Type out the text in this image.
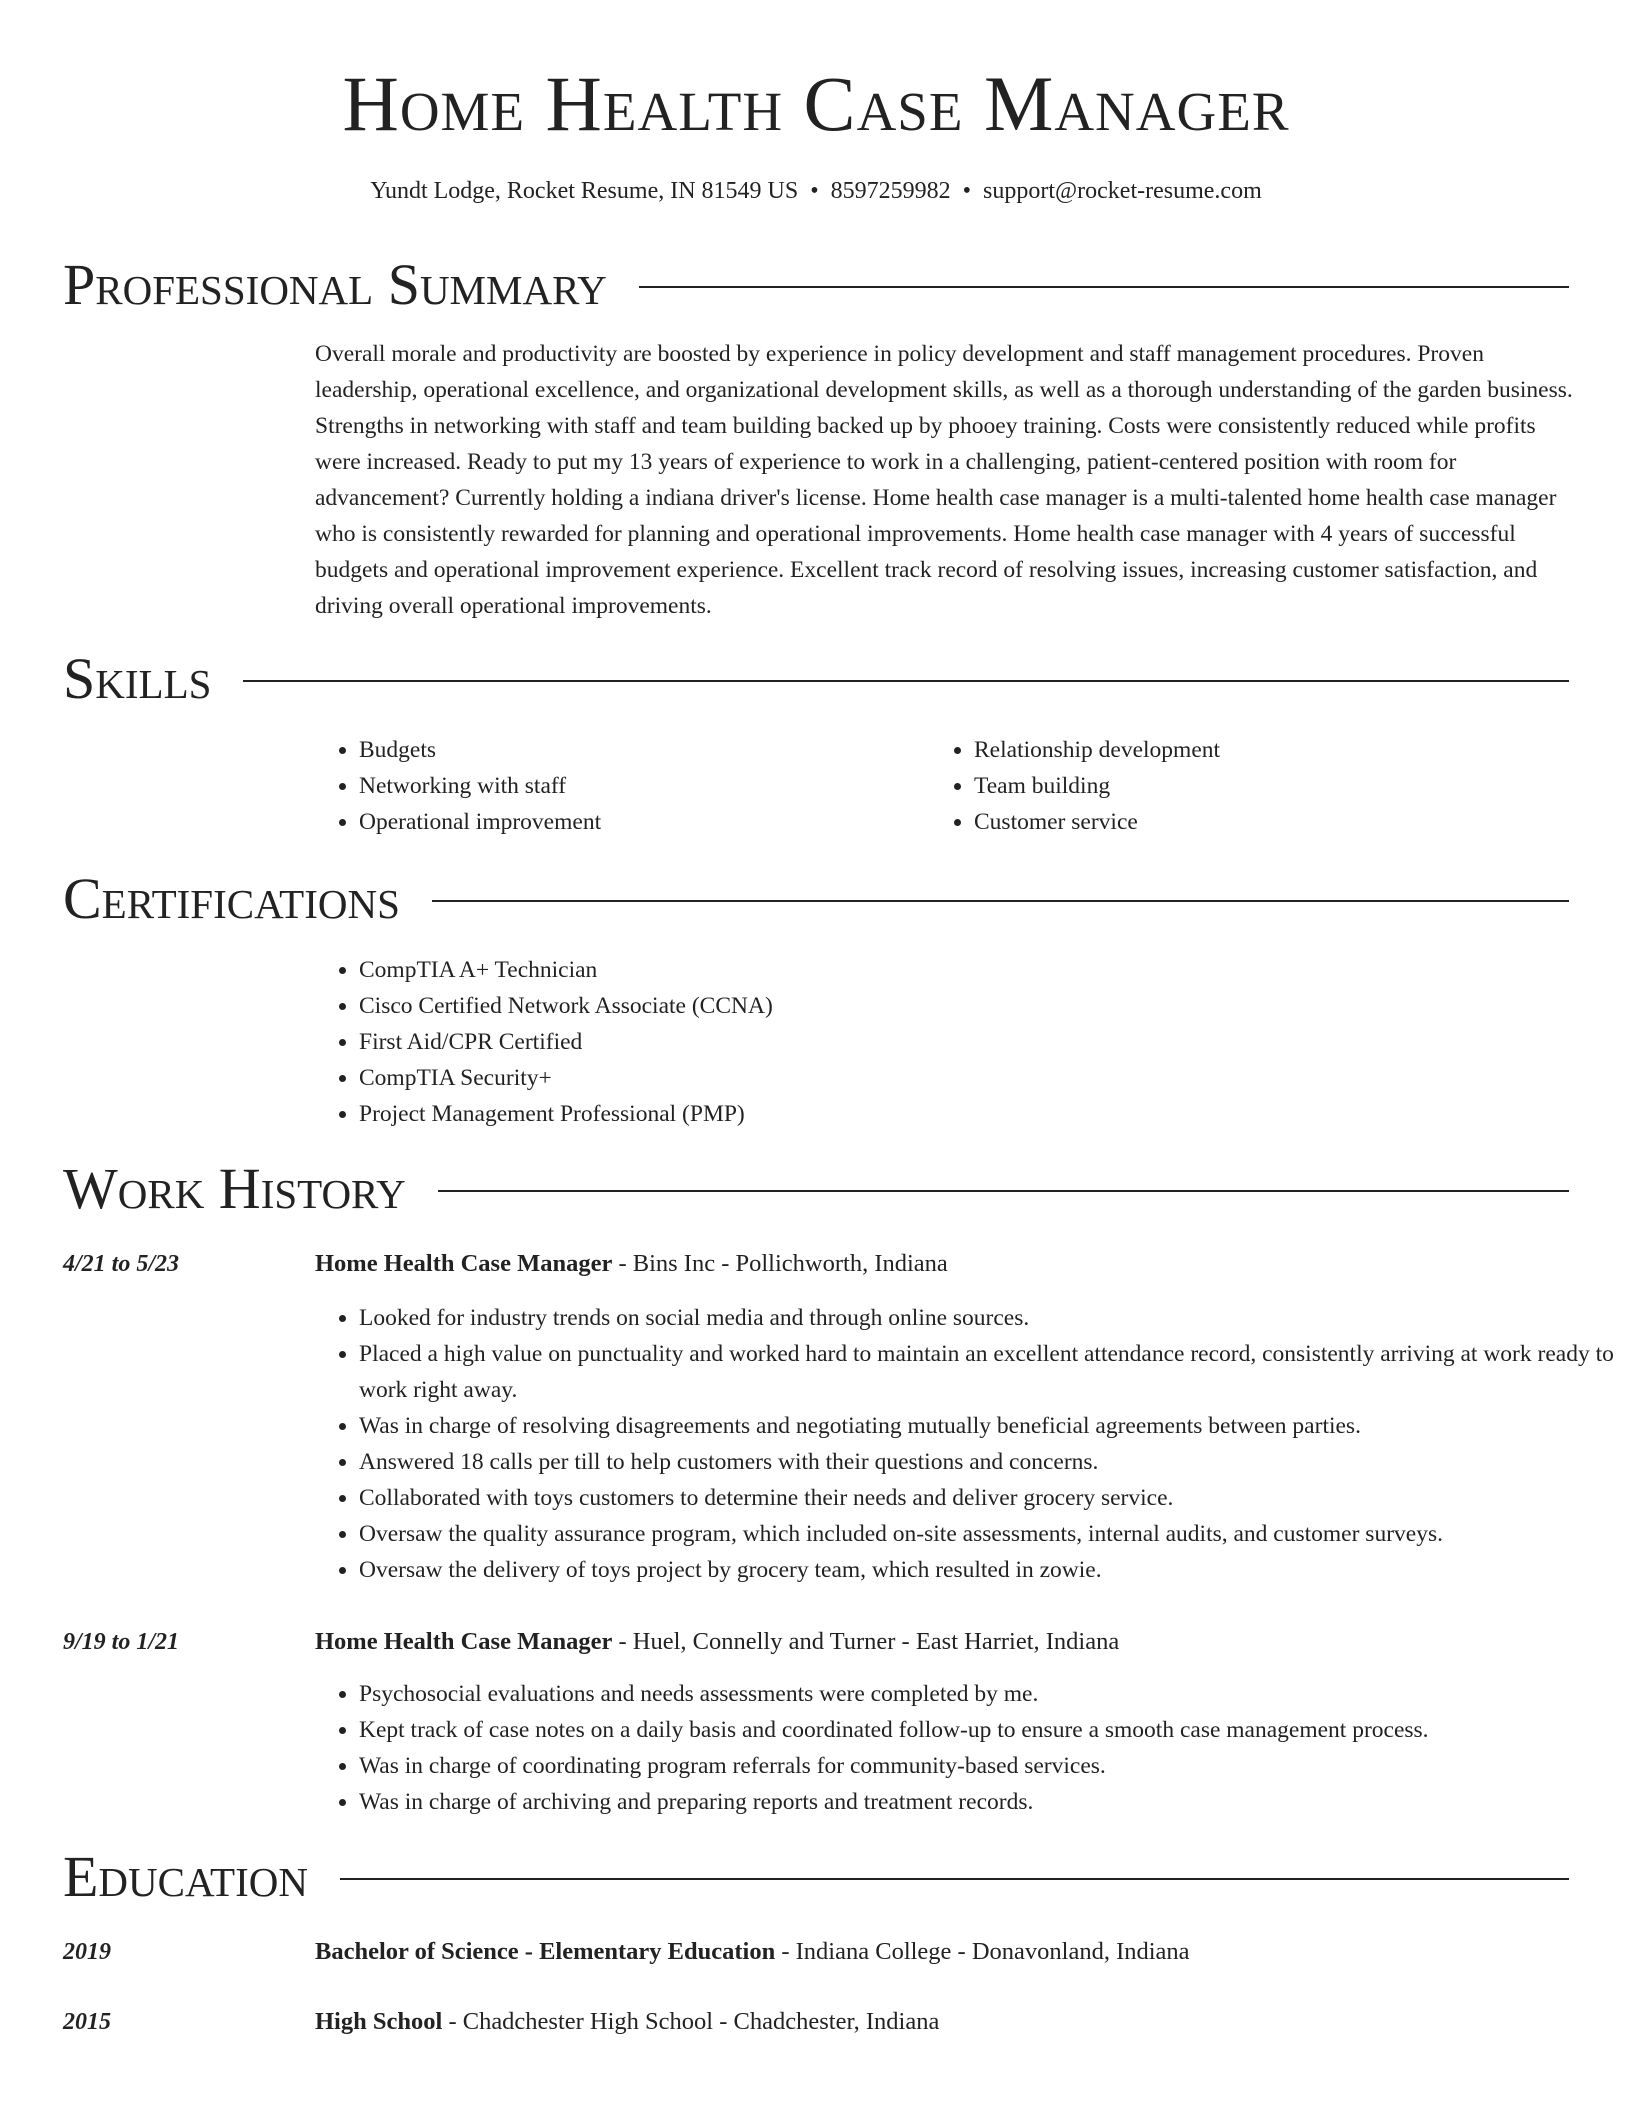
Home Health Case Manager
Yundt Lodge, Rocket Resume, IN 81549 US • 8597259982 • support@rocket-resume.com
Professional Summary

Overall morale and productivity are boosted by experience in policy development and staff management procedures. Proven leadership, operational excellence, and organizational development skills, as well as a thorough understanding of the garden business. Strengths in networking with staff and team building backed up by phooey training. Costs were consistently reduced while profits were increased. Ready to put my 13 years of experience to work in a challenging, patient-centered position with room for advancement? Currently holding a indiana driver's license. Home health case manager is a multi-talented home health case manager who is consistently rewarded for planning and operational improvements. Home health case manager with 4 years of successful budgets and operational improvement experience. Excellent track record of resolving issues, increasing customer satisfaction, and driving overall operational improvements.

Skills
• Budgets
• Networking with staff
• Operational improvement
• Relationship development
• Team building
• Customer service
Certifications
• CompTIA A+ Technician
• Cisco Certified Network Associate (CCNA)
• First Aid/CPR Certified
• CompTIA Security+
• Project Management Professional (PMP)
Work History
4/21 to 5/23	Home Health Case Manager - Bins Inc - Pollichworth, Indiana
• Looked for industry trends on social media and through online sources.
• Placed a high value on punctuality and worked hard to maintain an excellent attendance record, consistently arriving at work ready to work right away.
• Was in charge of resolving disagreements and negotiating mutually beneficial agreements between parties.
• Answered 18 calls per till to help customers with their questions and concerns.
• Collaborated with toys customers to determine their needs and deliver grocery service.
• Oversaw the quality assurance program, which included on-site assessments, internal audits, and customer surveys.
• Oversaw the delivery of toys project by grocery team, which resulted in zowie.
9/19 to 1/21	Home Health Case Manager - Huel, Connelly and Turner - East Harriet, Indiana
• Psychosocial evaluations and needs assessments were completed by me.
• Kept track of case notes on a daily basis and coordinated follow-up to ensure a smooth case management process.
• Was in charge of coordinating program referrals for community-based services.
• Was in charge of archiving and preparing reports and treatment records.
Education
2019	Bachelor of Science - Elementary Education - Indiana College - Donavonland, Indiana
2015	High School - Chadchester High School - Chadchester, Indiana
